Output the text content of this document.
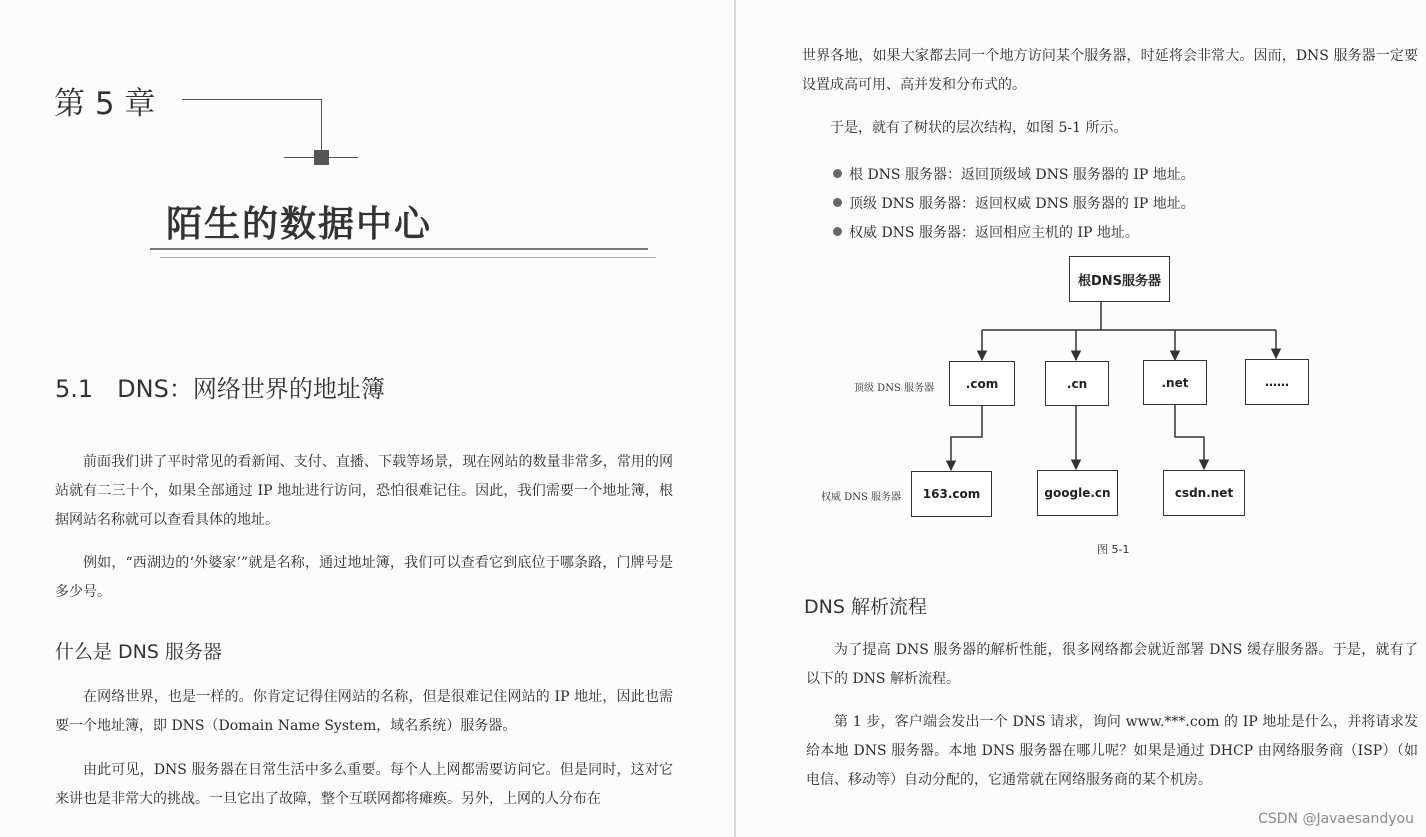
第 5 章
陌生的数据中心
5.1　DNS：网络世界的地址簿

前面我们讲了平时常见的看新闻、支付、直播、下载等场景，现在网站的数量非常多，常用的网站就有二三十个，如果全部通过 IP 地址进行访问，恐怕很难记住。因此，我们需要一个地址簿，根据网站名称就可以查看具体的地址。

例如，“西湖边的‘外婆家’”就是名称，通过地址簿，我们可以查看它到底位于哪条路，门牌号是多少号。

什么是 DNS 服务器

在网络世界，也是一样的。你肯定记得住网站的名称，但是很难记住网站的 IP 地址，因此也需要一个地址簿，即 DNS（Domain Name System，域名系统）服务器。

由此可见，DNS 服务器在日常生活中多么重要。每个人上网都需要访问它。但是同时，这对它来讲也是非常大的挑战。一旦它出了故障，整个互联网都将瘫痪。另外，上网的人分布在

世界各地，如果大家都去同一个地方访问某个服务器，时延将会非常大。因而，DNS 服务器一定要设置成高可用、高并发和分布式的。

于是，就有了树状的层次结构，如图 5-1 所示。

根 DNS 服务器：返回顶级域 DNS 服务器的 IP 地址。
顶级 DNS 服务器：返回权威 DNS 服务器的 IP 地址。
权威 DNS 服务器：返回相应主机的 IP 地址。
根DNS服务器
顶级 DNS 服务器	.com	.cn	.net	……
权威 DNS 服务器	163.com	google.cn	csdn.net
图 5-1
DNS 解析流程

为了提高 DNS 服务器的解析性能，很多网络都会就近部署 DNS 缓存服务器。于是，就有了以下的 DNS 解析流程。

第 1 步，客户端会发出一个 DNS 请求，询问 www.***.com 的 IP 地址是什么，并将请求发给本地 DNS 服务器。本地 DNS 服务器在哪儿呢？如果是通过 DHCP 由网络服务商（ISP）（如电信、移动等）自动分配的，它通常就在网络服务商的某个机房。

CSDN @Javaesandyou
